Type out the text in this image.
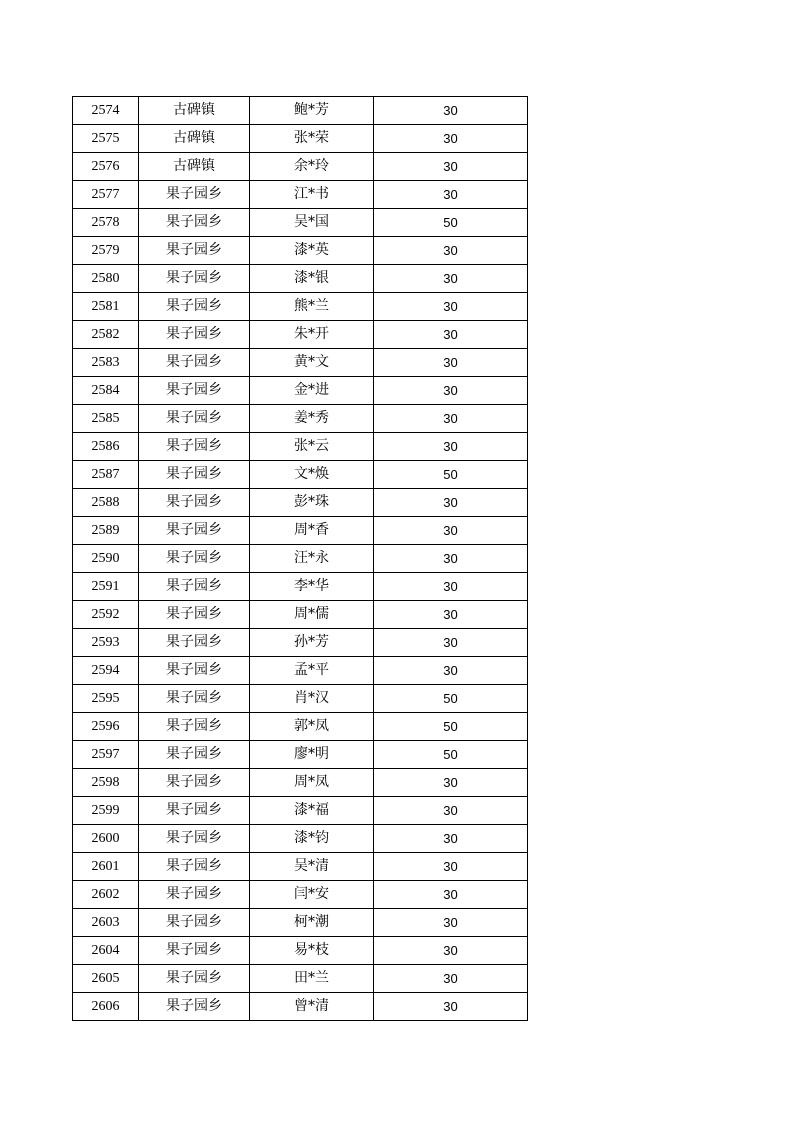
2574	古碑镇	鲍*芳	30
2575	古碑镇	张*荣	30
2576	古碑镇	余*玲	30
2577	果子园乡	江*书	30
2578	果子园乡	吴*国	50
2579	果子园乡	漆*英	30
2580	果子园乡	漆*银	30
2581	果子园乡	熊*兰	30
2582	果子园乡	朱*开	30
2583	果子园乡	黄*文	30
2584	果子园乡	金*进	30
2585	果子园乡	姜*秀	30
2586	果子园乡	张*云	30
2587	果子园乡	文*焕	50
2588	果子园乡	彭*珠	30
2589	果子园乡	周*香	30
2590	果子园乡	汪*永	30
2591	果子园乡	李*华	30
2592	果子园乡	周*儒	30
2593	果子园乡	孙*芳	30
2594	果子园乡	孟*平	30
2595	果子园乡	肖*汉	50
2596	果子园乡	郭*凤	50
2597	果子园乡	廖*明	50
2598	果子园乡	周*凤	30
2599	果子园乡	漆*福	30
2600	果子园乡	漆*钧	30
2601	果子园乡	吴*清	30
2602	果子园乡	闫*安	30
2603	果子园乡	柯*潮	30
2604	果子园乡	易*枝	30
2605	果子园乡	田*兰	30
2606	果子园乡	曾*清	30
